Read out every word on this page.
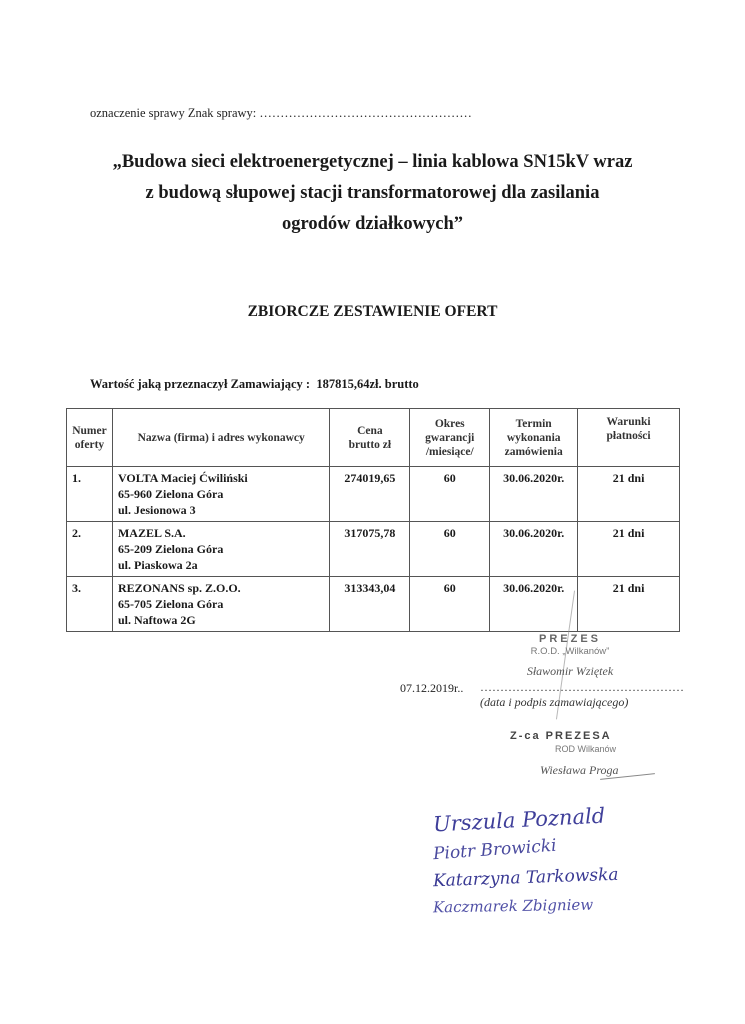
oznaczenie sprawy Znak sprawy: ……………………………………………
„Budowa sieci elektroenergetycznej – linia kablowa SN15kV wraz
z budową słupowej stacji transformatorowej dla zasilania
ogrodów działkowych”
ZBIORCZE ZESTAWIENIE OFERT
Wartość jaką przeznaczył Zamawiający : 187815,64zł. brutto
Numer
oferty	Nazwa (firma) i adres wykonawcy	Cena
brutto zł	Okres
gwarancji
/miesiące/	Termin
wykonania
zamówienia	Warunki
płatności
1.	VOLTA Maciej Ćwiliński
65-960 Zielona Góra
ul. Jesionowa 3	274019,65	60	30.06.2020r.	21 dni
2.	MAZEL S.A.
65-209 Zielona Góra
ul. Piaskowa 2a	317075,78	60	30.06.2020r.	21 dni
3.	REZONANS sp. Z.O.O.
65-705 Zielona Góra
ul. Naftowa 2G	313343,04	60	30.06.2020r.	21 dni
PREZES
R.O.D. „Wilkanów”
Sławomir Wziętek
07.12.2019r.. ……………………………………………
(data i podpis zamawiającego)
Z-ca PREZESA
ROD Wilkanów
Wiesława Proga
Urszula Poznald
Piotr Browicki
Katarzyna Tarkowska
Kaczmarek Zbigniew
